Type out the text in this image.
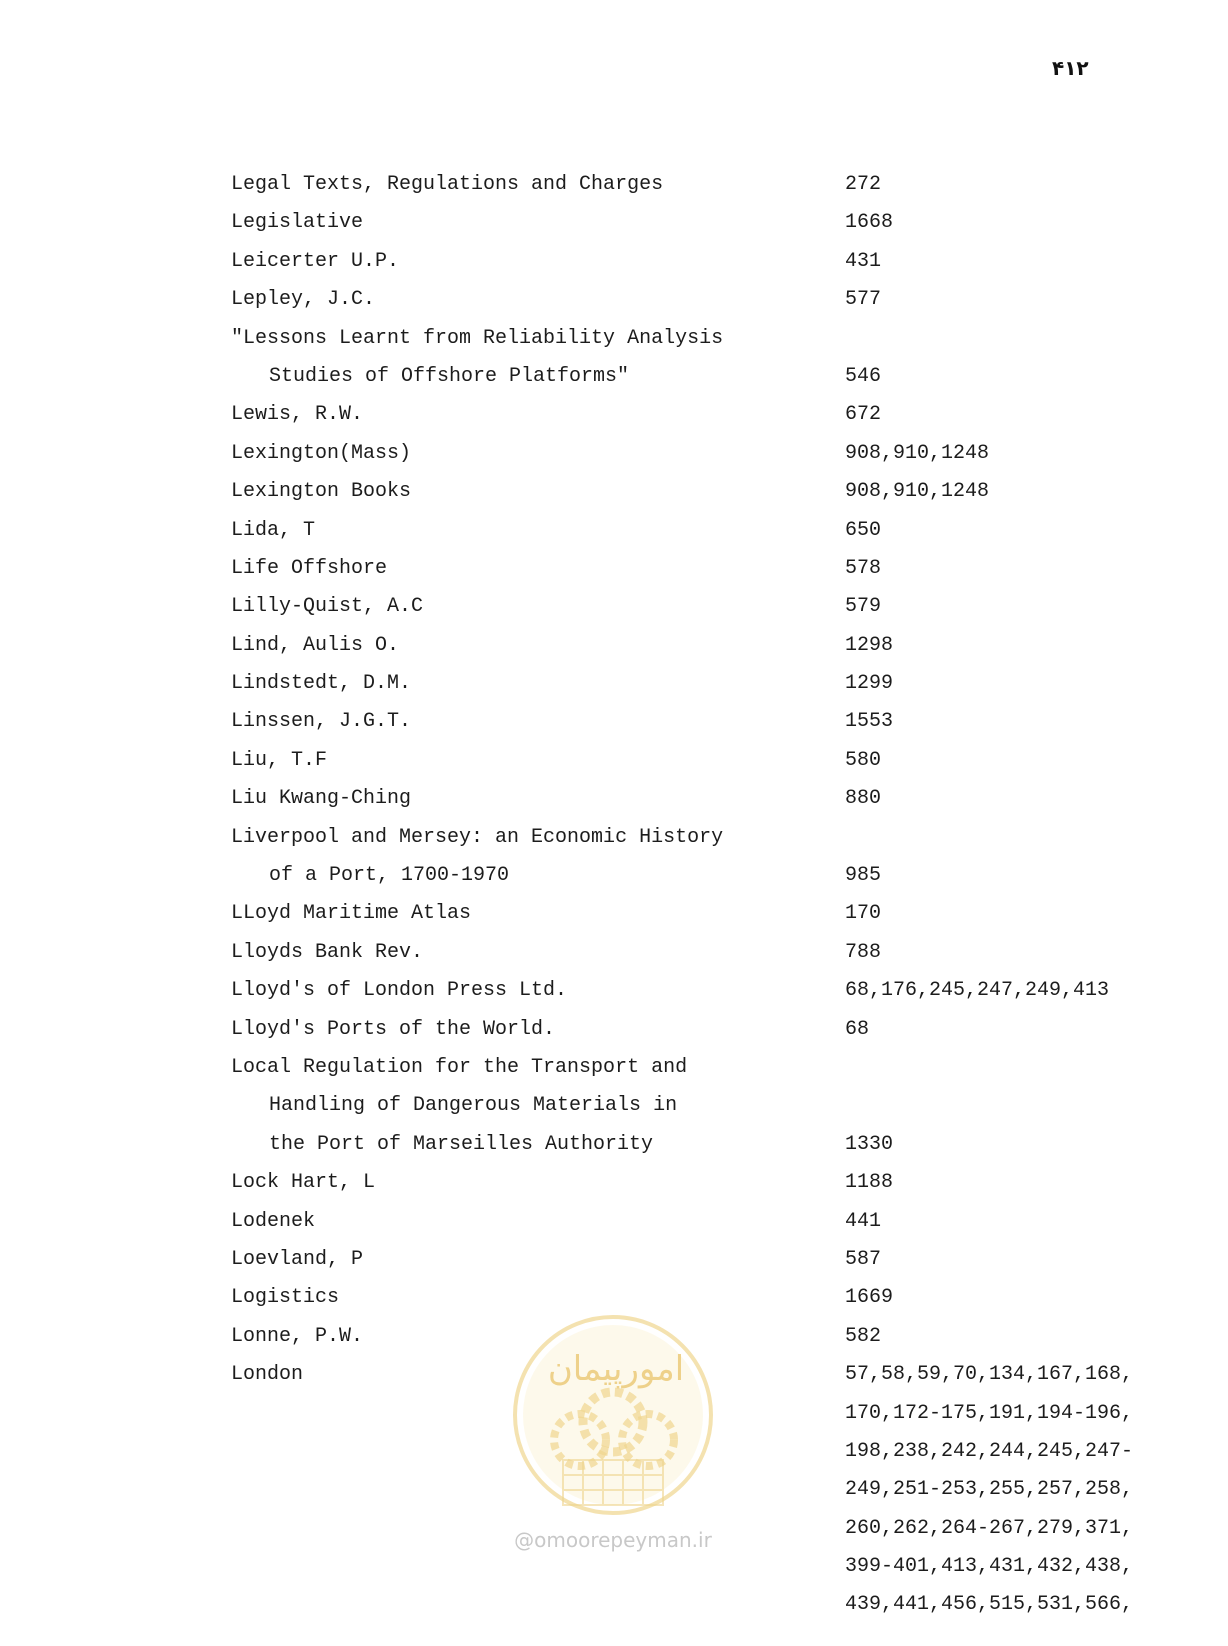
۴۱۲
Legal Texts, Regulations and Charges	272
Legislative	1668
Leicerter U.P.	431
Lepley, J.C.	577
"Lessons Learnt from Reliability Analysis
Studies of Offshore Platforms"	546
Lewis, R.W.	672
Lexington(Mass)	908,910,1248
Lexington Books	908,910,1248
Lida, T	650
Life Offshore	578
Lilly-Quist, A.C	579
Lind, Aulis O.	1298
Lindstedt, D.M.	1299
Linssen, J.G.T.	1553
Liu, T.F	580
Liu Kwang-Ching	880
Liverpool and Mersey: an Economic History
of a Port, 1700-1970	985
LLoyd Maritime Atlas	170
Lloyds Bank Rev.	788
Lloyd's of London Press Ltd.	68,176,245,247,249,413
Lloyd's Ports of the World.	68
Local Regulation for the Transport and
Handling of Dangerous Materials in
the Port of Marseilles Authority	1330
Lock Hart, L	1188
Lodenek	441
Loevland, P	587
Logistics	1669
Lonne, P.W.	582
London	57,58,59,70,134,167,168,
170,172-175,191,194-196,
198,238,242,244,245,247-
249,251-253,255,257,258,
260,262,264-267,279,371,
399-401,413,431,432,438,
439,441,456,515,531,566,
امورپیمان
@omoorepeyman.ir
